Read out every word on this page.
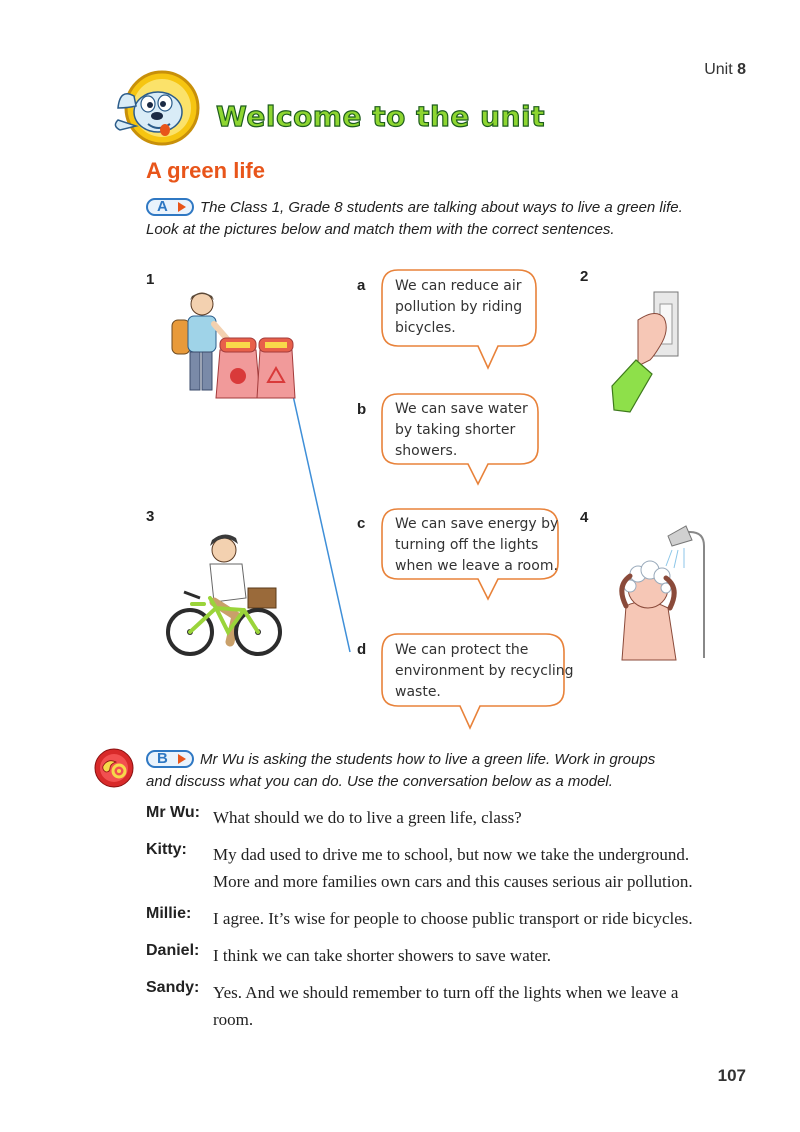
Unit 8
Welcome to the unit
A green life
A	The Class 1, Grade 8 students are talking about ways to live a green life.
Look at the pictures below and match them with the correct sentences.
1	2
3	4
a
b
c
d
We can reduce air
pollution by riding
bicycles.
We can save water
by taking shorter
showers.
We can save energy by
turning off the lights
when we leave a room.
We can protect the
environment by recycling
waste.
B	Mr Wu is asking the students how to live a green life. Work in groups
and discuss what you can do. Use the conversation below as a model.
Mr Wu: What should we do to live a green life, class?
Kitty: My dad used to drive me to school, but now we take the underground. More and more families own cars and this causes serious air pollution.
Millie: I agree. It’s wise for people to choose public transport or ride bicycles.
Daniel: I think we can take shorter showers to save water.
Sandy: Yes. And we should remember to turn off the lights when we leave a room.
107
